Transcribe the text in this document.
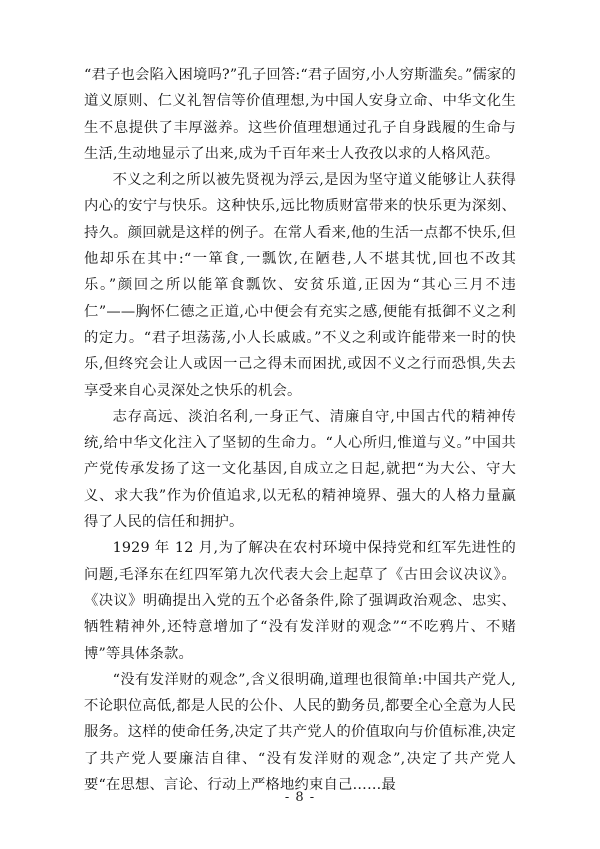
“君子也会陷入困境吗?”孔子回答:“君子固穷,小人穷斯滥矣。”儒家的道义原则、仁义礼智信等价值理想,为中国人安身立命、中华文化生生不息提供了丰厚滋养。这些价值理想通过孔子自身践履的生命与生活,生动地显示了出来,成为千百年来士人孜孜以求的人格风范。

不义之利之所以被先贤视为浮云,是因为坚守道义能够让人获得内心的安宁与快乐。这种快乐,远比物质财富带来的快乐更为深刻、持久。颜回就是这样的例子。在常人看来,他的生活一点都不快乐,但他却乐在其中:“一箪食,一瓢饮,在陋巷,人不堪其忧,回也不改其乐。”颜回之所以能箪食瓢饮、安贫乐道,正因为“其心三月不违仁”——胸怀仁德之正道,心中便会有充实之感,便能有抵御不义之利的定力。“君子坦荡荡,小人长戚戚。”不义之利或许能带来一时的快乐,但终究会让人或因一己之得未而困扰,或因不义之行而恐惧,失去享受来自心灵深处之快乐的机会。

志存高远、淡泊名利,一身正气、清廉自守,中国古代的精神传统,给中华文化注入了坚韧的生命力。“人心所归,惟道与义。”中国共产党传承发扬了这一文化基因,自成立之日起,就把“为大公、守大义、求大我”作为价值追求,以无私的精神境界、强大的人格力量赢得了人民的信任和拥护。

1929 年 12 月,为了解决在农村环境中保持党和红军先进性的问题,毛泽东在红四军第九次代表大会上起草了《古田会议决议》。《决议》明确提出入党的五个必备条件,除了强调政治观念、忠实、牺牲精神外,还特意增加了“没有发洋财的观念”“不吃鸦片、不赌博”等具体条款。

“没有发洋财的观念”,含义很明确,道理也很简单:中国共产党人,不论职位高低,都是人民的公仆、人民的勤务员,都要全心全意为人民服务。这样的使命任务,决定了共产党人的价值取向与价值标准,决定了共产党人要廉洁自律、“没有发洋财的观念”,决定了共产党人要“在思想、言论、行动上严格地约束自己……最

- 8 -
